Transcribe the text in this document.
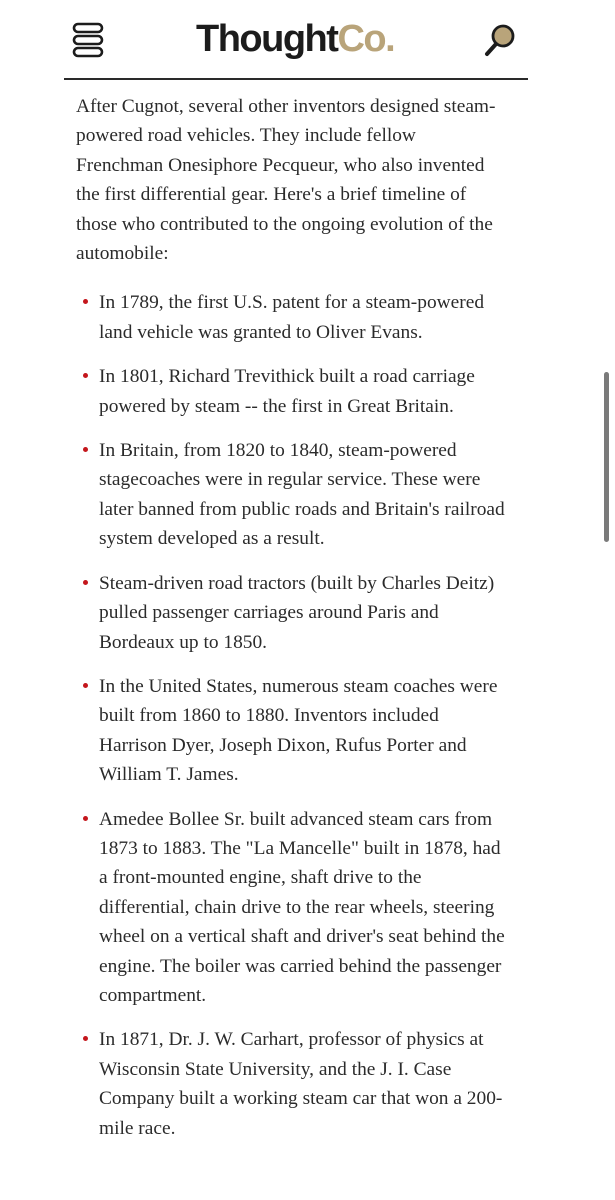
Thought Co.

After Cugnot, several other inventors designed steam-powered road vehicles. They include fellow Frenchman Onesiphore Pecqueur, who also invented the first differential gear. Here's a brief timeline of those who contributed to the ongoing evolution of the automobile:

In 1789, the first U.S. patent for a steam-powered land vehicle was granted to Oliver Evans.
In 1801, Richard Trevithick built a road carriage powered by steam -- the first in Great Britain.
In Britain, from 1820 to 1840, steam-powered stagecoaches were in regular service. These were later banned from public roads and Britain's railroad system developed as a result.
Steam-driven road tractors (built by Charles Deitz) pulled passenger carriages around Paris and Bordeaux up to 1850.
In the United States, numerous steam coaches were built from 1860 to 1880. Inventors included Harrison Dyer, Joseph Dixon, Rufus Porter and William T. James.
Amedee Bollee Sr. built advanced steam cars from 1873 to 1883. The "La Mancelle" built in 1878, had a front-mounted engine, shaft drive to the differential, chain drive to the rear wheels, steering wheel on a vertical shaft and driver's seat behind the engine. The boiler was carried behind the passenger compartment.
In 1871, Dr. J. W. Carhart, professor of physics at Wisconsin State University, and the J. I. Case Company built a working steam car that won a 200-mile race.
